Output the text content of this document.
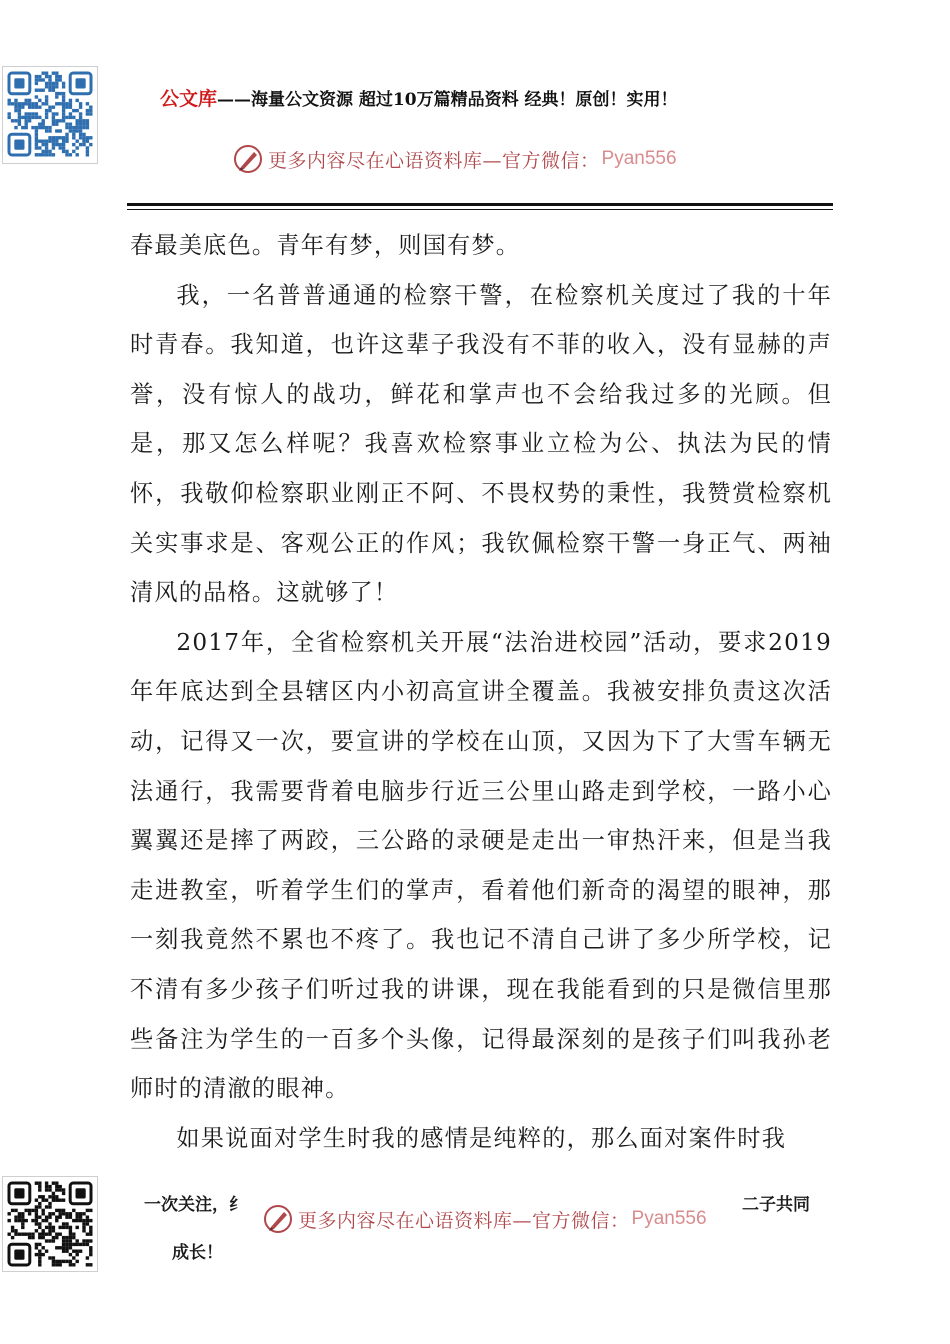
公文库——海量公文资源 超过10万篇精品资料 经典！原创！实用！
更多内容尽在心语资料库—官方微信： Pyan556

春最美底色。青年有梦，则国有梦。

我，一名普普通通的检察干警，在检察机关度过了我的十年时青春。我知道，也许这辈子我没有不菲的收入，没有显赫的声誉，没有惊人的战功，鲜花和掌声也不会给我过多的光顾。但是，那又怎么样呢？我喜欢检察事业立检为公、执法为民的情怀，我敬仰检察职业刚正不阿、不畏权势的秉性，我赞赏检察机关实事求是、客观公正的作风；我钦佩检察干警一身正气、两袖清风的品格。这就够了！

2017年，全省检察机关开展“法治进校园”活动，要求2019年年底达到全县辖区内小初高宣讲全覆盖。我被安排负责这次活动，记得又一次，要宣讲的学校在山顶，又因为下了大雪车辆无法通行，我需要背着电脑步行近三公里山路走到学校，一路小心翼翼还是摔了两跤，三公路的录硬是走出一审热汗来，但是当我走进教室，听着学生们的掌声，看着他们新奇的渴望的眼神，那一刻我竟然不累也不疼了。我也记不清自己讲了多少所学校，记不清有多少孩子们听过我的讲课，现在我能看到的只是微信里那些备注为学生的一百多个头像，记得最深刻的是孩子们叫我孙老师时的清澈的眼神。

如果说面对学生时我的感情是纯粹的，那么面对案件时我

一次关注，纟	二子共同
成长！
更多内容尽在心语资料库—官方微信： Pyan556
